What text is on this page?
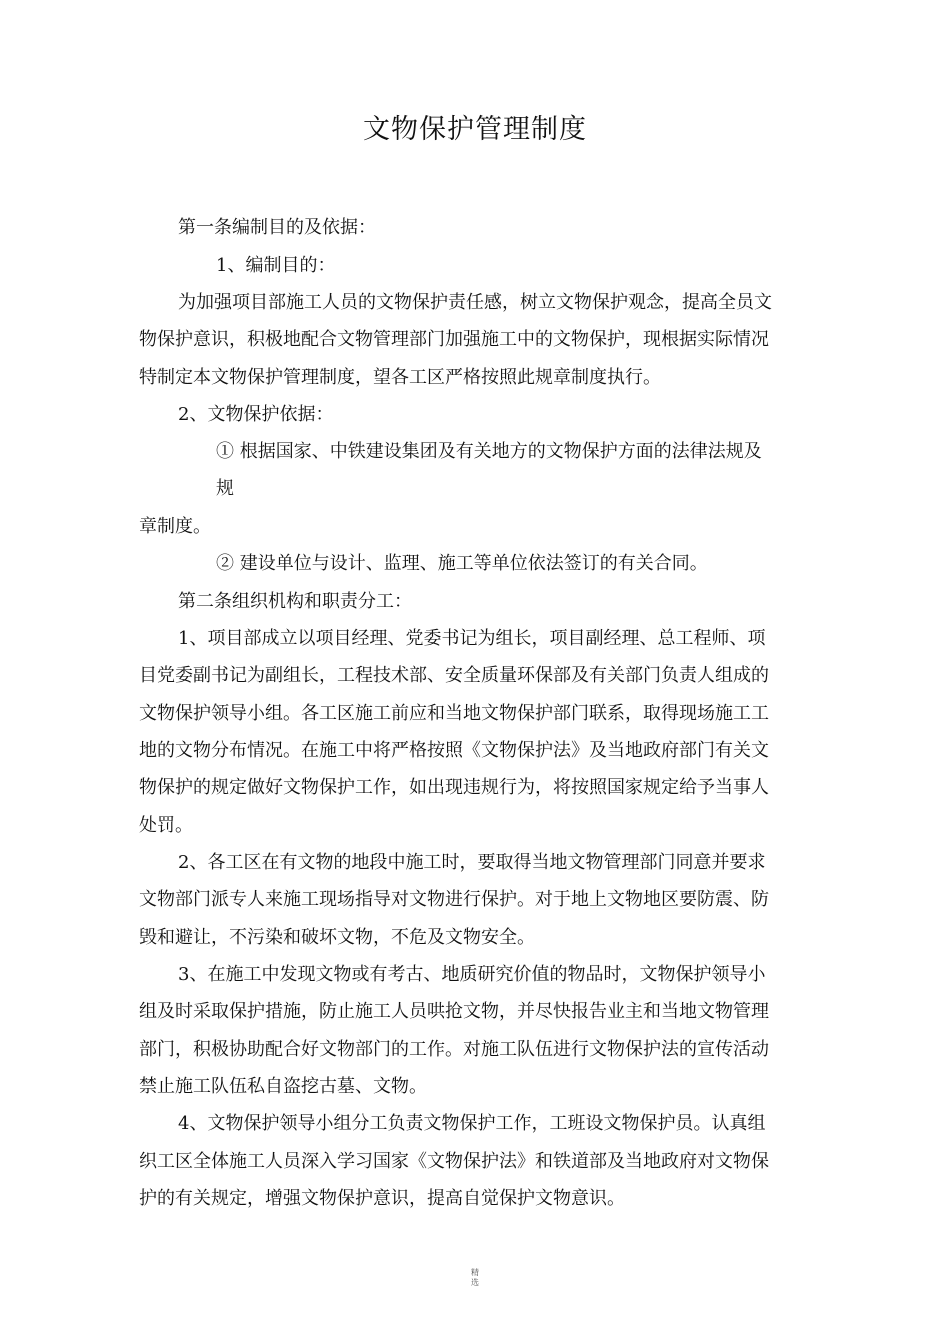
文物保护管理制度
第一条编制目的及依据：
1、编制目的：
为加强项目部施工人员的文物保护责任感，树立文物保护观念，提高全员文
物保护意识，积极地配合文物管理部门加强施工中的文物保护，现根据实际情况
特制定本文物保护管理制度，望各工区严格按照此规章制度执行。
2、文物保护依据：
① 根据国家、中铁建设集团及有关地方的文物保护方面的法律法规及
规
章制度。
② 建设单位与设计、监理、施工等单位依法签订的有关合同。
第二条组织机构和职责分工：
1、项目部成立以项目经理、党委书记为组长，项目副经理、总工程师、项
目党委副书记为副组长，工程技术部、安全质量环保部及有关部门负责人组成的
文物保护领导小组。各工区施工前应和当地文物保护部门联系，取得现场施工工
地的文物分布情况。在施工中将严格按照《文物保护法》及当地政府部门有关文
物保护的规定做好文物保护工作，如出现违规行为，将按照国家规定给予当事人
处罚。
2、各工区在有文物的地段中施工时，要取得当地文物管理部门同意并要求
文物部门派专人来施工现场指导对文物进行保护。对于地上文物地区要防震、防
毁和避让，不污染和破坏文物，不危及文物安全。
3、在施工中发现文物或有考古、地质研究价值的物品时，文物保护领导小
组及时采取保护措施，防止施工人员哄抢文物，并尽快报告业主和当地文物管理
部门，积极协助配合好文物部门的工作。对施工队伍进行文物保护法的宣传活动
禁止施工队伍私自盗挖古墓、文物。
4、文物保护领导小组分工负责文物保护工作，工班设文物保护员。认真组
织工区全体施工人员深入学习国家《文物保护法》和铁道部及当地政府对文物保
护的有关规定，增强文物保护意识，提高自觉保护文物意识。
精
选
